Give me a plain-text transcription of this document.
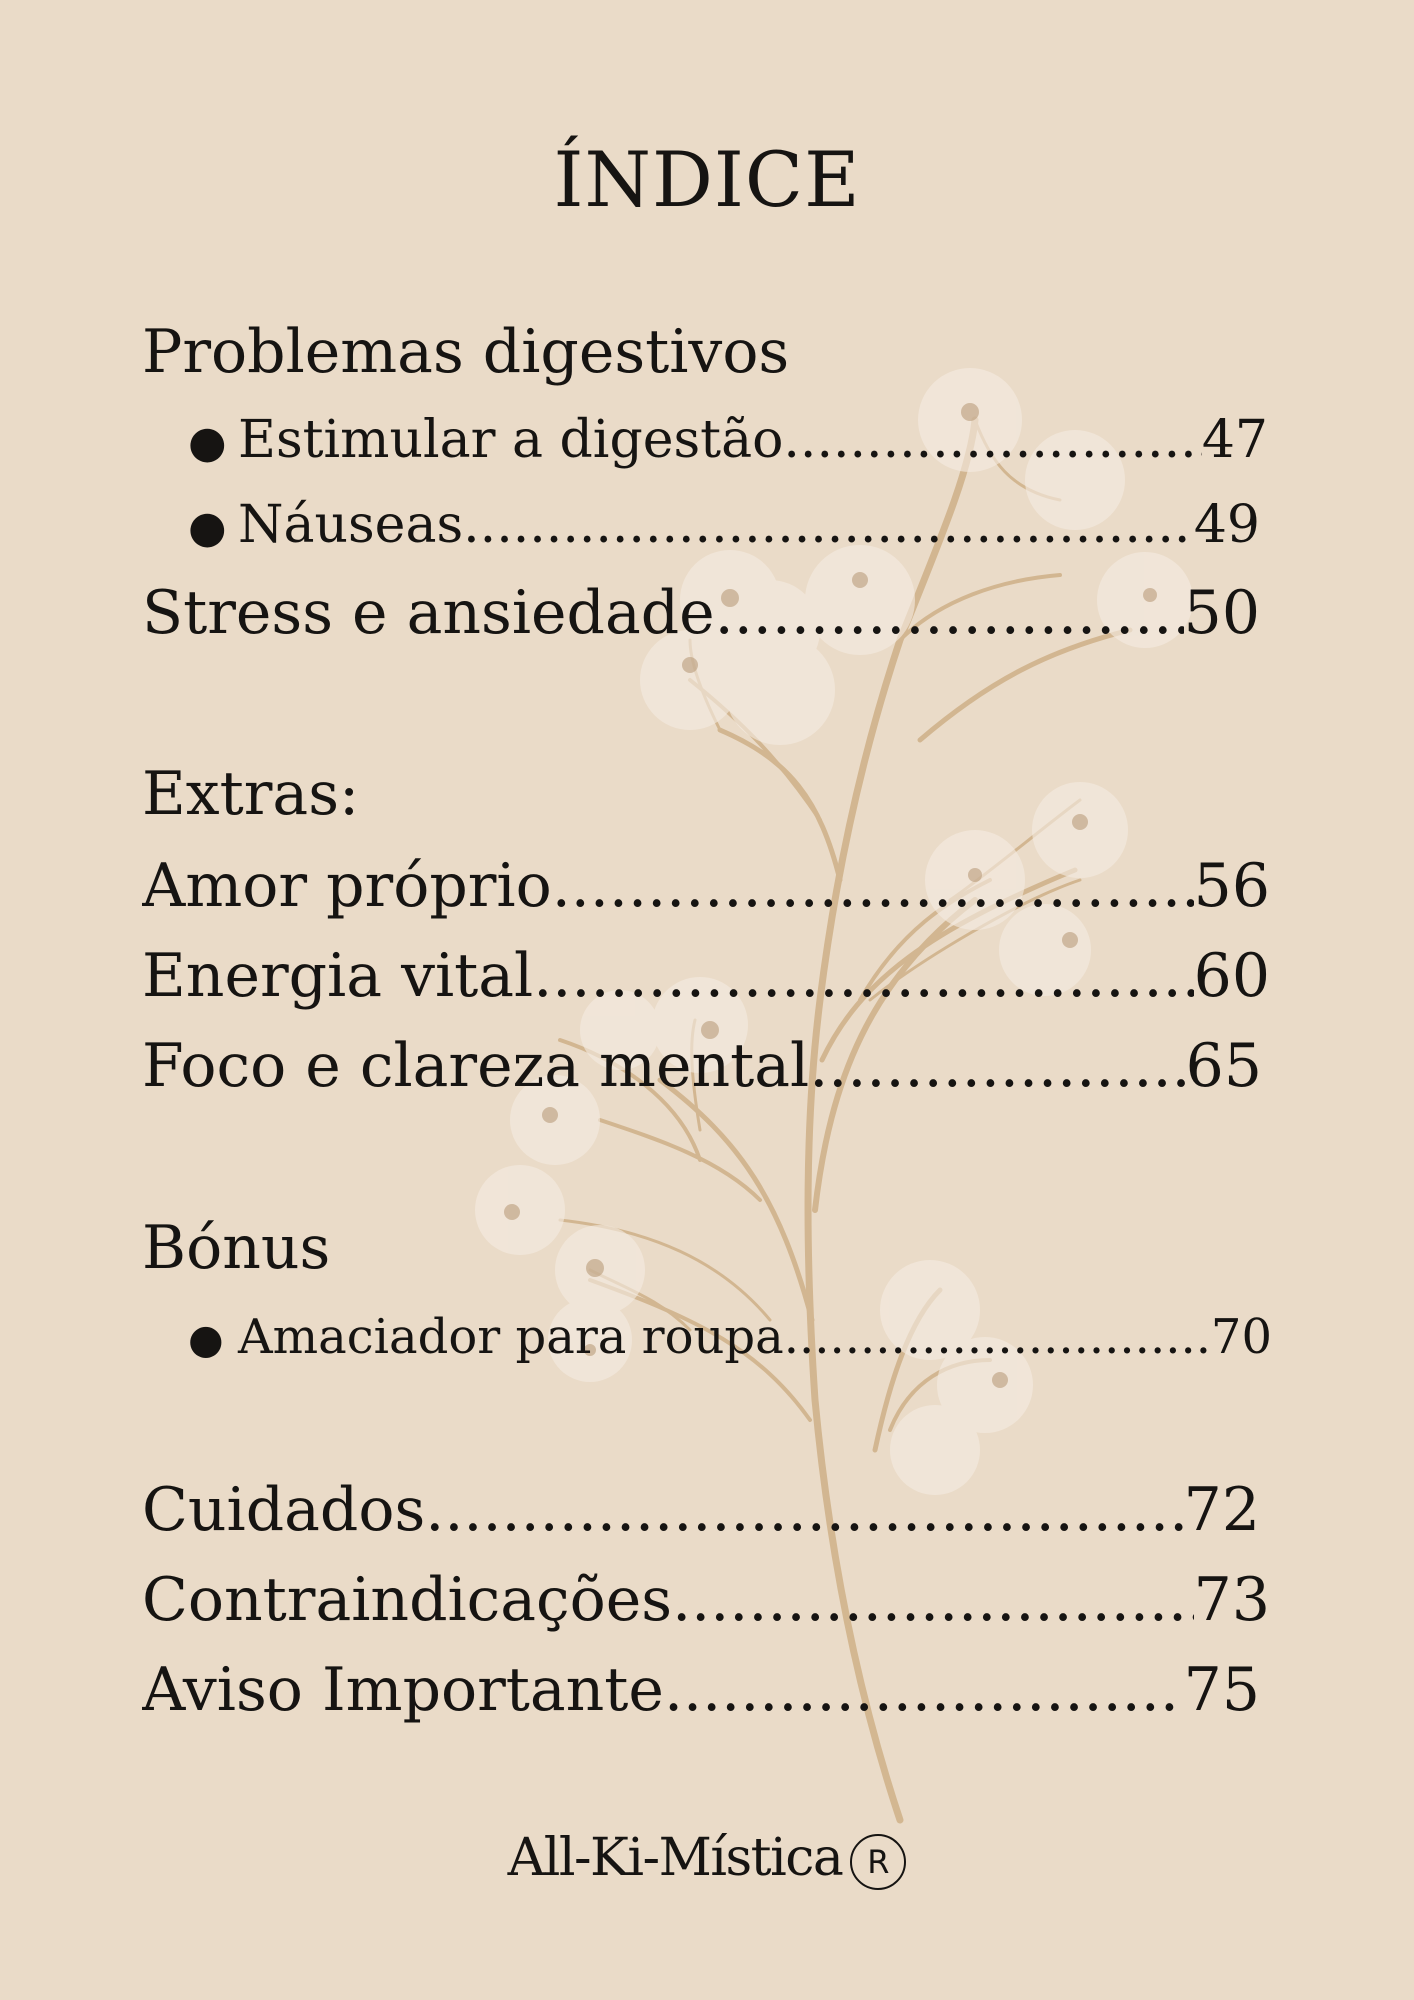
ÍNDICE
Problemas digestivos
● Estimular a digestão .....	47
● Náuseas .....	49
Stress e ansiedade .....	50
Extras:
Amor próprio .....	56
Energia vital .....	60
Foco e clareza mental .....	65
Bónus
● Amaciador para roupa .....	70
Cuidados .....	72
Contraindicações .....	73
Aviso Importante .....	75
All-Ki-Mística R
